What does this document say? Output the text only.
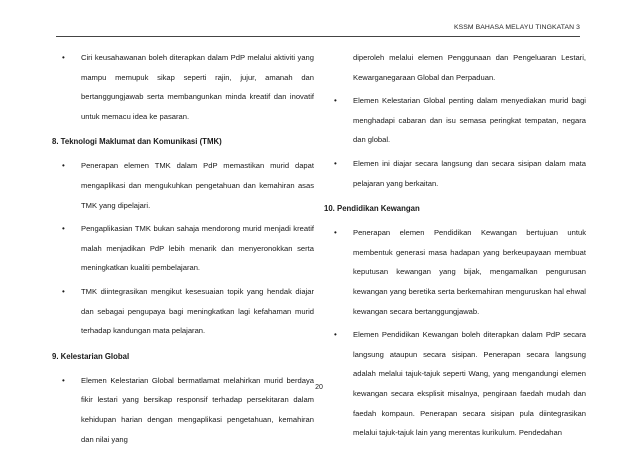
KSSM BAHASA MELAYU TINGKATAN 3
• Ciri keusahawanan boleh diterapkan dalam PdP melalui aktiviti yang mampu memupuk sikap seperti rajin, jujur, amanah dan bertanggungjawab serta membangunkan minda kreatif dan inovatif untuk memacu idea ke pasaran.

8. Teknologi Maklumat dan Komunikasi (TMK)
• Penerapan elemen TMK dalam PdP memastikan murid dapat mengaplikasi dan mengukuhkan pengetahuan dan kemahiran asas TMK yang dipelajari.

• Pengaplikasian TMK bukan sahaja mendorong murid menjadi kreatif malah menjadikan PdP lebih menarik dan menyeronokkan serta meningkatkan kualiti pembelajaran.

• TMK diintegrasikan mengikut kesesuaian topik yang hendak diajar dan sebagai pengupaya bagi meningkatkan lagi kefahaman murid terhadap kandungan mata pelajaran.

9. Kelestarian Global
• Elemen Kelestarian Global bermatlamat melahirkan murid berdaya fikir lestari yang bersikap responsif terhadap persekitaran dalam kehidupan harian dengan mengaplikasi pengetahuan, kemahiran dan nilai yang

diperoleh melalui elemen Penggunaan dan Pengeluaran Lestari, Kewarganegaraan Global dan Perpaduan.

• Elemen Kelestarian Global penting dalam menyediakan murid bagi menghadapi cabaran dan isu semasa peringkat tempatan, negara dan global.

• Elemen ini diajar secara langsung dan secara sisipan dalam mata pelajaran yang berkaitan.

10. Pendidikan Kewangan
• Penerapan elemen Pendidikan Kewangan bertujuan untuk membentuk generasi masa hadapan yang berkeupayaan membuat keputusan kewangan yang bijak, mengamalkan pengurusan kewangan yang beretika serta berkemahiran menguruskan hal ehwal kewangan secara bertanggungjawab.

• Elemen Pendidikan Kewangan boleh diterapkan dalam PdP secara langsung ataupun secara sisipan. Penerapan secara langsung adalah melalui tajuk-tajuk seperti Wang, yang mengandungi elemen kewangan secara eksplisit misalnya, pengiraan faedah mudah dan faedah kompaun. Penerapan secara sisipan pula diintegrasikan melalui tajuk-tajuk lain yang merentas kurikulum. Pendedahan

20
